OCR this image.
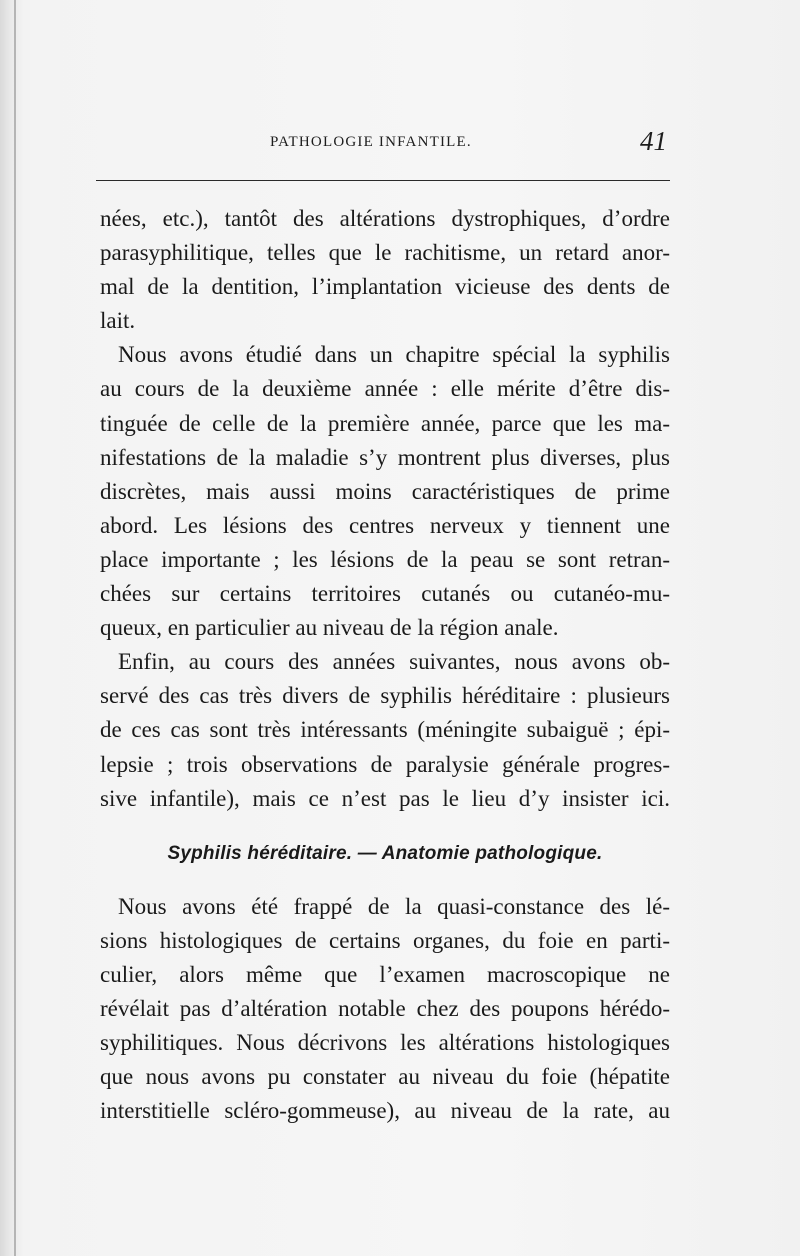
PATHOLOGIE INFANTILE.	41
nées, etc.), tantôt des altérations dystrophiques, d’ordre
parasyphilitique, telles que le rachitisme, un retard anor-
mal de la dentition, l’implantation vicieuse des dents de
lait.
Nous avons étudié dans un chapitre spécial la syphilis
au cours de la deuxième année : elle mérite d’être dis-
tinguée de celle de la première année, parce que les ma-
nifestations de la maladie s’y montrent plus diverses, plus
discrètes, mais aussi moins caractéristiques de prime
abord. Les lésions des centres nerveux y tiennent une
place importante ; les lésions de la peau se sont retran-
chées sur certains territoires cutanés ou cutanéo-mu-
queux, en particulier au niveau de la région anale.
Enfin, au cours des années suivantes, nous avons ob-
servé des cas très divers de syphilis héréditaire : plusieurs
de ces cas sont très intéressants (méningite subaiguë ; épi-
lepsie ; trois observations de paralysie générale progres-
sive infantile), mais ce n’est pas le lieu d’y insister ici.
Syphilis héréditaire. — Anatomie pathologique.
Nous avons été frappé de la quasi-constance des lé-
sions histologiques de certains organes, du foie en parti-
culier, alors même que l’examen macroscopique ne
révélait pas d’altération notable chez des poupons hérédo-
syphilitiques. Nous décrivons les altérations histologiques
que nous avons pu constater au niveau du foie (hépatite
interstitielle scléro-gommeuse), au niveau de la rate, au
